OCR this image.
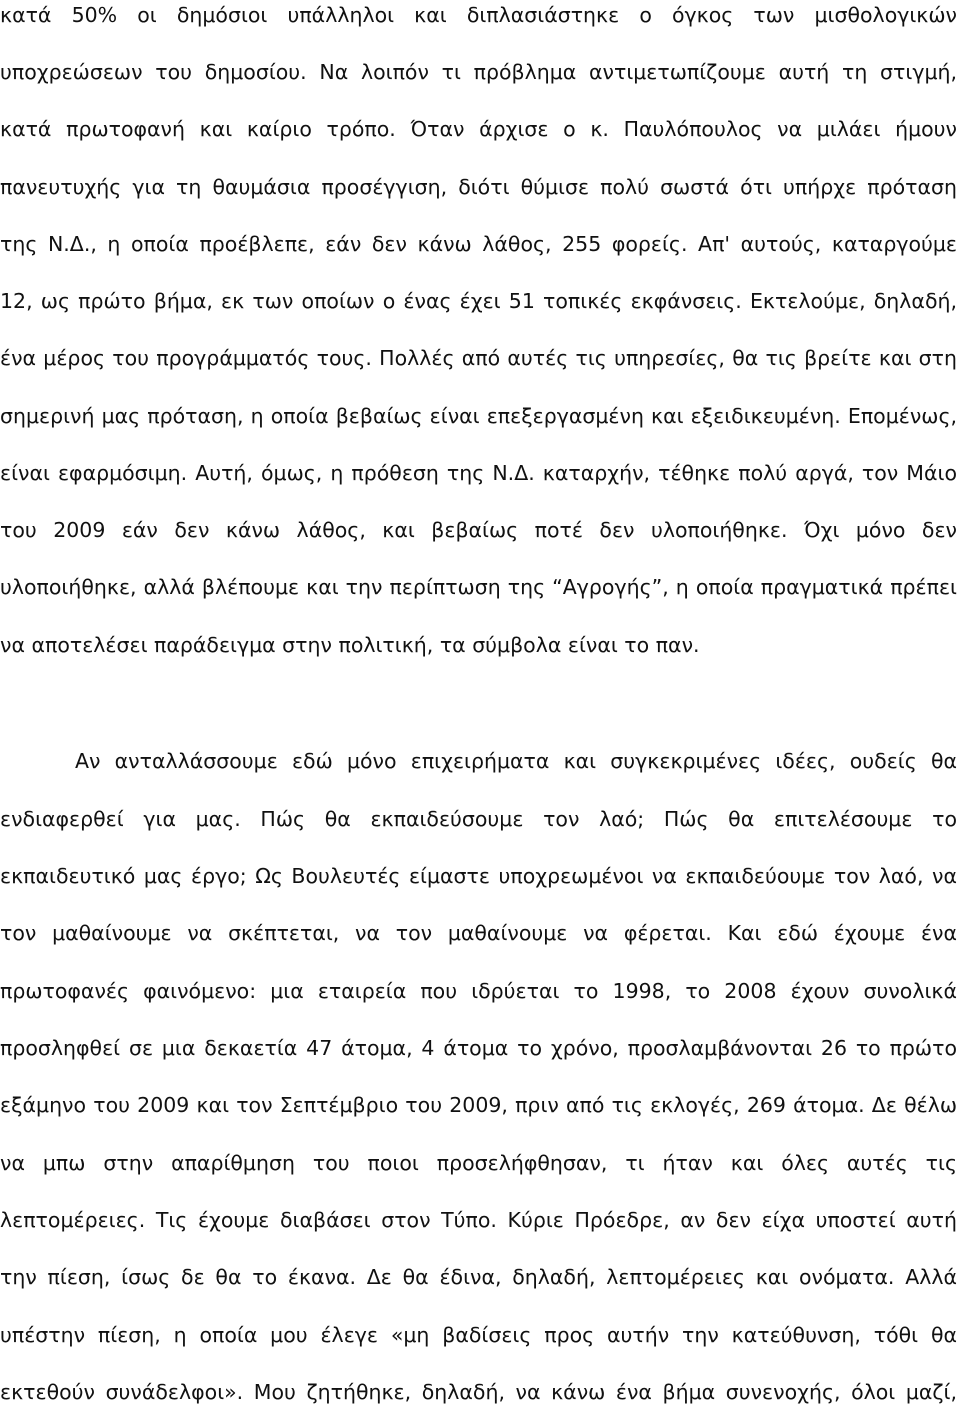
κατά 50% οι δημόσιοι υπάλληλοι και διπλασιάστηκε ο όγκος των μισθολογικών
υποχρεώσεων του δημοσίου. Να λοιπόν τι πρόβλημα αντιμετωπίζουμε αυτή τη στιγμή,
κατά πρωτοφανή και καίριο τρόπο. Όταν άρχισε ο κ. Παυλόπουλος να μιλάει ήμουν
πανευτυχής για τη θαυμάσια προσέγγιση, διότι θύμισε πολύ σωστά ότι υπήρχε πρόταση
της Ν.Δ., η οποία προέβλεπε, εάν δεν κάνω λάθος, 255 φορείς. Απ' αυτούς, καταργούμε
12, ως πρώτο βήμα, εκ των οποίων ο ένας έχει 51 τοπικές εκφάνσεις. Εκτελούμε, δηλαδή,
ένα μέρος του προγράμματός τους. Πολλές από αυτές τις υπηρεσίες, θα τις βρείτε και στη
σημερινή μας πρόταση, η οποία βεβαίως είναι επεξεργασμένη και εξειδικευμένη. Επομένως,
είναι εφαρμόσιμη. Αυτή, όμως, η πρόθεση της Ν.Δ. καταρχήν, τέθηκε πολύ αργά, τον Μάιο
του 2009 εάν δεν κάνω λάθος, και βεβαίως ποτέ δεν υλοποιήθηκε. Όχι μόνο δεν
υλοποιήθηκε, αλλά βλέπουμε και την περίπτωση της “Αγρογής”, η οποία πραγματικά πρέπει
να αποτελέσει παράδειγμα στην πολιτική, τα σύμβολα είναι το παν.
Αν ανταλλάσσουμε εδώ μόνο επιχειρήματα και συγκεκριμένες ιδέες, ουδείς θα
ενδιαφερθεί για μας. Πώς θα εκπαιδεύσουμε τον λαό; Πώς θα επιτελέσουμε το
εκπαιδευτικό μας έργο; Ως Βουλευτές είμαστε υποχρεωμένοι να εκπαιδεύουμε τον λαό, να
τον μαθαίνουμε να σκέπτεται, να τον μαθαίνουμε να φέρεται. Και εδώ έχουμε ένα
πρωτοφανές φαινόμενο: μια εταιρεία που ιδρύεται το 1998, το 2008 έχουν συνολικά
προσληφθεί σε μια δεκαετία 47 άτομα, 4 άτομα το χρόνο, προσλαμβάνονται 26 το πρώτο
εξάμηνο του 2009 και τον Σεπτέμβριο του 2009, πριν από τις εκλογές, 269 άτομα. Δε θέλω
να μπω στην απαρίθμηση του ποιοι προσελήφθησαν, τι ήταν και όλες αυτές τις
λεπτομέρειες. Τις έχουμε διαβάσει στον Τύπο. Κύριε Πρόεδρε, αν δεν είχα υποστεί αυτή
την πίεση, ίσως δε θα το έκανα. Δε θα έδινα, δηλαδή, λεπτομέρειες και ονόματα. Αλλά
υπέστην πίεση, η οποία μου έλεγε «μη βαδίσεις προς αυτήν την κατεύθυνση, τόθι θα
εκτεθούν συνάδελφοι». Μου ζητήθηκε, δηλαδή, να κάνω ένα βήμα συνενοχής, όλοι μαζί,
